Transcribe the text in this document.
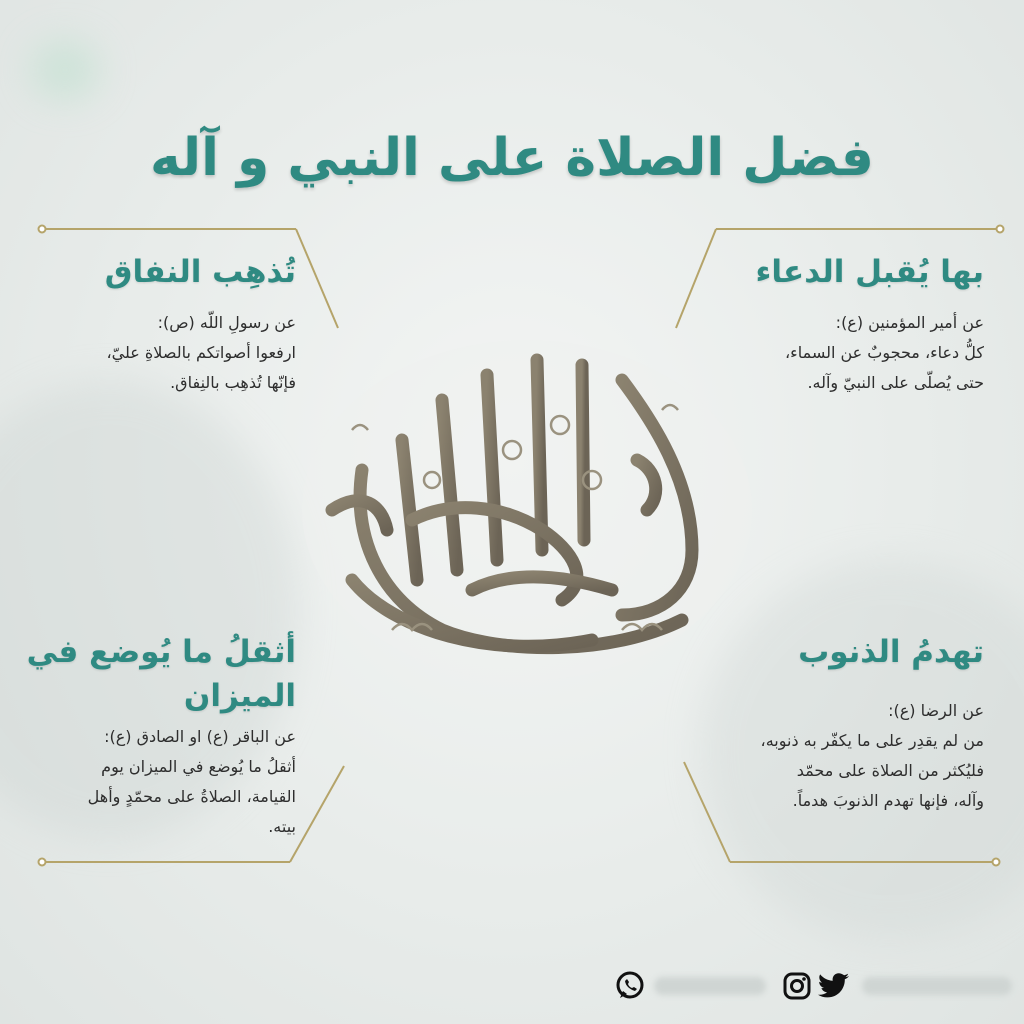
فضل الصلاة على النبي و آله
بها يُقبل الدعاء

عن أمير المؤمنين (ع):
كلُّ دعاء، محجوبٌ عن السماء،
حتى يُصلّى على النبيّ وآله.

تُذهِب النفاق

عن رسولِ اللّه (ص):
ارفعوا أصواتكم بالصلاةِ عليّ،
فإنّها تُذهِب بالنِفاق.

تهدمُ الذنوب

عن الرضا (ع):
من لم يقدِر على ما يكفّر به ذنوبه،
فليُكثر من الصلاة على محمّد
وآله، فإنها تهدم الذنوبَ هدماً.

أثقلُ ما يُوضع في
الميزان

عن الباقر (ع) او الصادق (ع):
أثقلُ ما يُوضع في الميزان يوم
القيامة، الصلاةُ على محمّدٍ وأهل
بيته.
